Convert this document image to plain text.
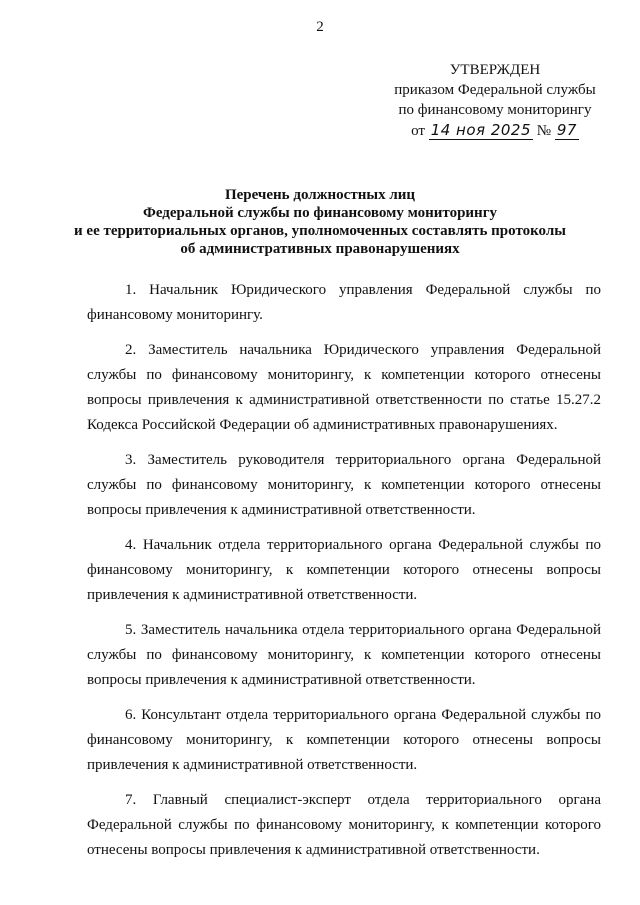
2
УТВЕРЖДЕН
приказом Федеральной службы
по финансовому мониторингу
от 14 ноя 2025 № 97
Перечень должностных лиц
Федеральной службы по финансовому мониторингу
и ее территориальных органов, уполномоченных составлять протоколы
об административных правонарушениях

1. Начальник Юридического управления Федеральной службы по финансовому мониторингу.

2. Заместитель начальника Юридического управления Федеральной службы по финансовому мониторингу, к компетенции которого отнесены вопросы привлечения к административной ответственности по статье 15.27.2 Кодекса Российской Федерации об административных правонарушениях.

3. Заместитель руководителя территориального органа Федеральной службы по финансовому мониторингу, к компетенции которого отнесены вопросы привлечения к административной ответственности.

4. Начальник отдела территориального органа Федеральной службы по финансовому мониторингу, к компетенции которого отнесены вопросы привлечения к административной ответственности.

5. Заместитель начальника отдела территориального органа Федеральной службы по финансовому мониторингу, к компетенции которого отнесены вопросы привлечения к административной ответственности.

6. Консультант отдела территориального органа Федеральной службы по финансовому мониторингу, к компетенции которого отнесены вопросы привлечения к административной ответственности.

7. Главный специалист-эксперт отдела территориального органа Федеральной службы по финансовому мониторингу, к компетенции которого отнесены вопросы привлечения к административной ответственности.
